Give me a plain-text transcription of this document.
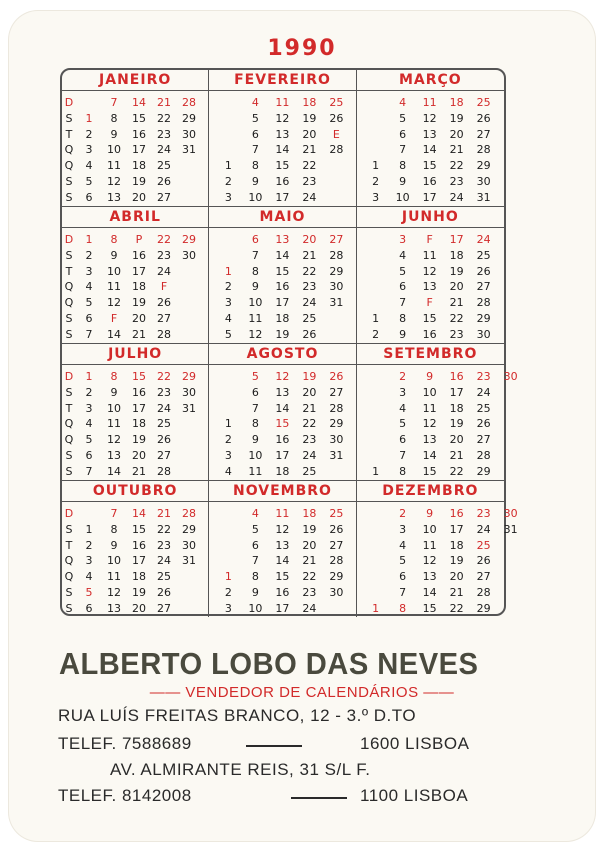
1990
JANEIRO
D
S
T
Q
Q
S
S
1
2
3
4
5
6
7
8
9
10
11
12
13
14
15
16
17
18
19
20
21
22
23
24
25
26
27
28
29
30
31
FEVEREIRO
1
2
3
4
5
6
7
8
9
10
11
12
13
14
15
16
17
18
19
20
21
22
23
24
25
26
E
28
MARÇO
1
2
3
4
5
6
7
8
9
10
11
12
13
14
15
16
17
18
19
20
21
22
23
24
25
26
27
28
29
30
31
ABRIL
D
S
T
Q
Q
S
S
1
2
3
4
5
6
7
8
9
10
11
12
F
14
P
16
17
18
19
20
21
22
23
24
F
26
27
28
29
30
MAIO
1
2
3
4
5
6
7
8
9
10
11
12
13
14
15
16
17
18
19
20
21
22
23
24
25
26
27
28
29
30
31
JUNHO
1
2
3
4
5
6
7
8
9
F
11
12
13
F
15
16
17
18
19
20
21
22
23
24
25
26
27
28
29
30
JULHO
D
S
T
Q
Q
S
S
1
2
3
4
5
6
7
8
9
10
11
12
13
14
15
16
17
18
19
20
21
22
23
24
25
26
27
28
29
30
31
AGOSTO
1
2
3
4
5
6
7
8
9
10
11
12
13
14
15
16
17
18
19
20
21
22
23
24
25
26
27
28
29
30
31
SETEMBRO
1
2
3
4
5
6
7
8
9
10
11
12
13
14
15
16
17
18
19
20
21
22
23
24
25
26
27
28
29
30
OUTUBRO
D
S
T
Q
Q
S
S
1
2
3
4
5
6
7
8
9
10
11
12
13
14
15
16
17
18
19
20
21
22
23
24
25
26
27
28
29
30
31
NOVEMBRO
1
2
3
4
5
6
7
8
9
10
11
12
13
14
15
16
17
18
19
20
21
22
23
24
25
26
27
28
29
30
DEZEMBRO
1
2
3
4
5
6
7
8
9
10
11
12
13
14
15
16
17
18
19
20
21
22
23
24
25
26
27
28
29
30
31
ALBERTO LOBO DAS NEVES
—— VENDEDOR DE CALENDÁRIOS ——
RUA LUÍS FREITAS BRANCO, 12 - 3.º D.TO
TELEF. 7588689	1600 LISBOA
AV. ALMIRANTE REIS, 31 S/L F.
TELEF. 8142008	1100 LISBOA
